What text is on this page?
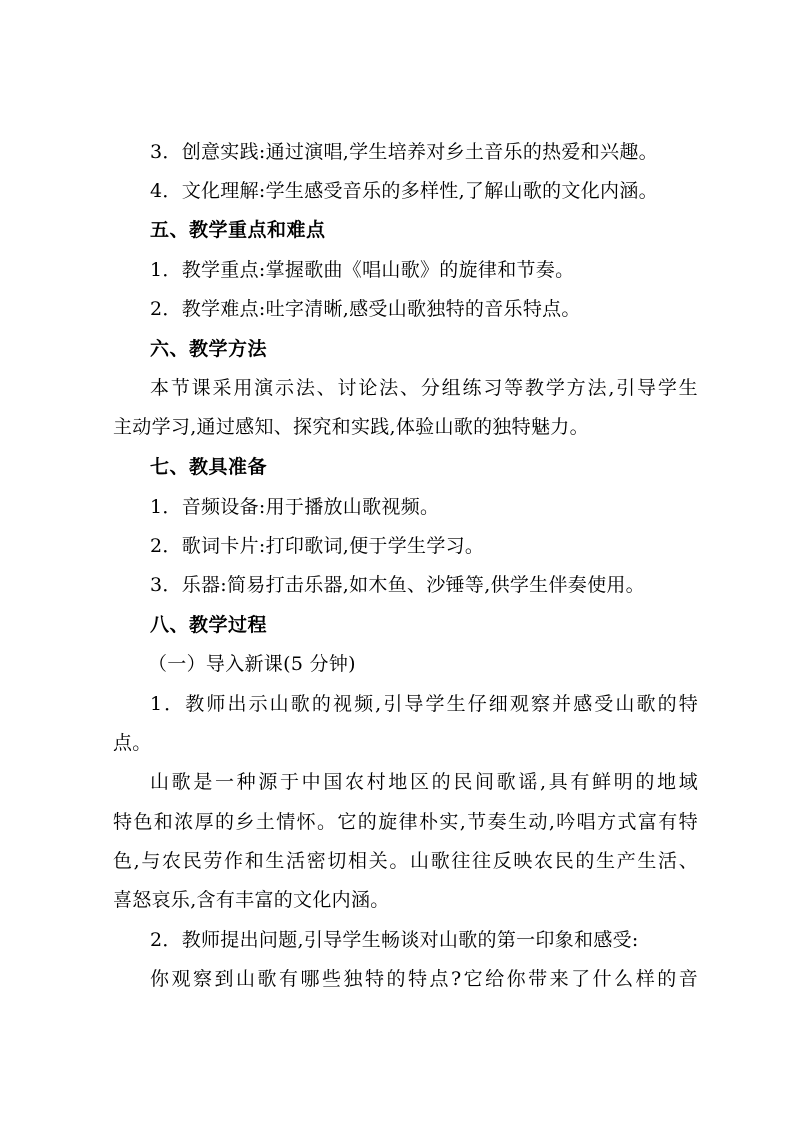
3．创意实践:通过演唱,学生培养对乡土音乐的热爱和兴趣。
4．文化理解:学生感受音乐的多样性,了解山歌的文化内涵。
五、教学重点和难点
1．教学重点:掌握歌曲《唱山歌》的旋律和节奏。
2．教学难点:吐字清晰,感受山歌独特的音乐特点。
六、教学方法
本节课采用演示法、讨论法、分组练习等教学方法,引导学生
主动学习,通过感知、探究和实践,体验山歌的独特魅力。
七、教具准备
1．音频设备:用于播放山歌视频。
2．歌词卡片:打印歌词,便于学生学习。
3．乐器:简易打击乐器,如木鱼、沙锤等,供学生伴奏使用。
八、教学过程
（一）导入新课(5 分钟)
1．教师出示山歌的视频,引导学生仔细观察并感受山歌的特
点。
山歌是一种源于中国农村地区的民间歌谣,具有鲜明的地域
特色和浓厚的乡土情怀。它的旋律朴实,节奏生动,吟唱方式富有特
色,与农民劳作和生活密切相关。山歌往往反映农民的生产生活、
喜怒哀乐,含有丰富的文化内涵。
2．教师提出问题,引导学生畅谈对山歌的第一印象和感受:
你观察到山歌有哪些独特的特点?它给你带来了什么样的音
